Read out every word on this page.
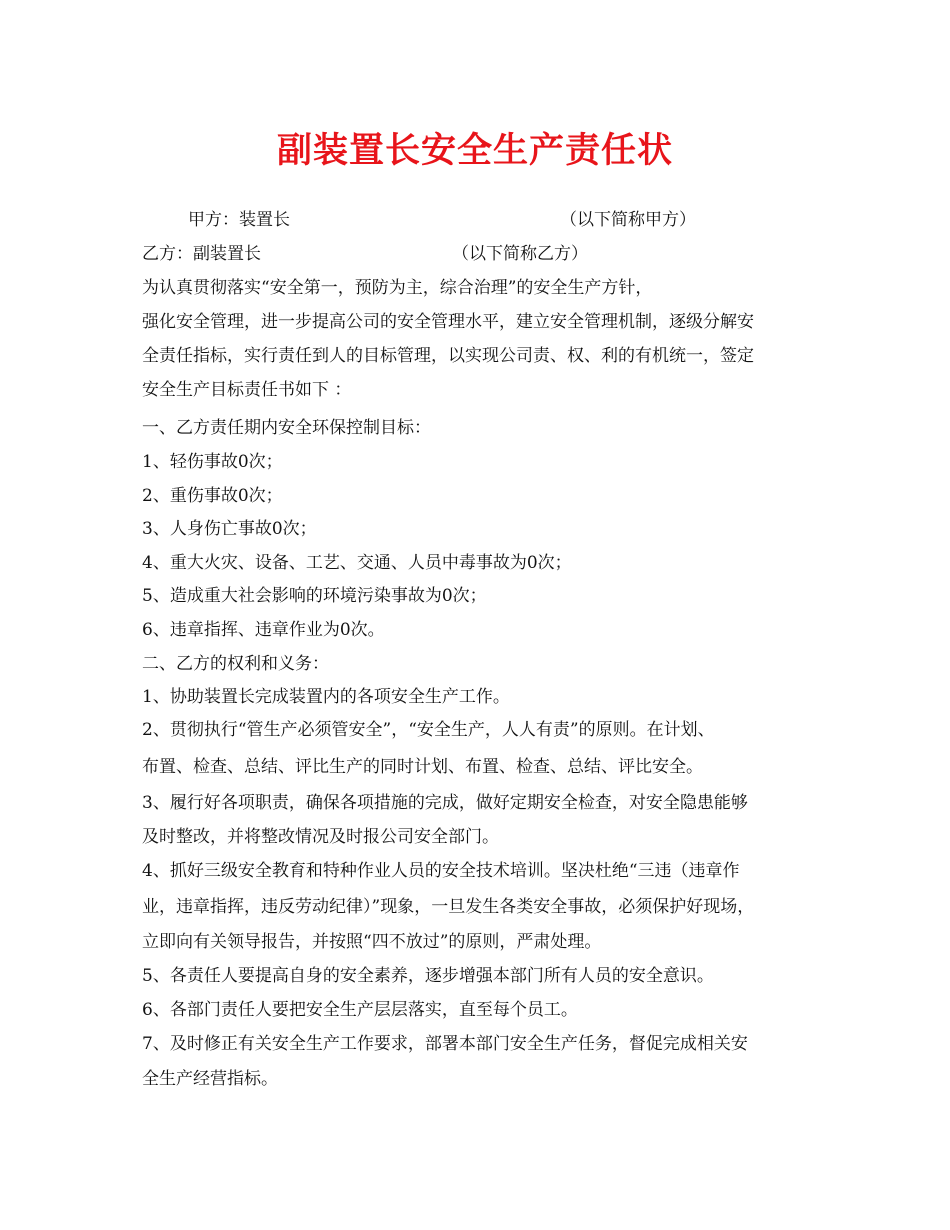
副装置长安全生产责任状
甲方：装置长	（以下简称甲方）
乙方：副装置长	（以下简称乙方）
为认真贯彻落实“安全第一，预防为主，综合治理”的安全生产方针，
强化安全管理，进一步提高公司的安全管理水平，建立安全管理机制，逐级分解安
全责任指标，实行责任到人的目标管理，以实现公司责、权、利的有机统一，签定
安全生产目标责任书如下 ：
一、乙方责任期内安全环保控制目标：
1、轻伤事故0次；
2、重伤事故0次；
3、人身伤亡事故0次；
4、重大火灾、设备、工艺、交通、人员中毒事故为0次；
5、造成重大社会影响的环境污染事故为0次；
6、违章指挥、违章作业为0次。
二、乙方的权利和义务：
1、协助装置长完成装置内的各项安全生产工作。
2、贯彻执行“管生产必须管安全”，“安全生产，人人有责”的原则。在计划、
布置、检查、总结、评比生产的同时计划、布置、检查、总结、评比安全。
3、履行好各项职责，确保各项措施的完成，做好定期安全检查，对安全隐患能够
及时整改，并将整改情况及时报公司安全部门。
4、抓好三级安全教育和特种作业人员的安全技术培训。坚决杜绝“三违（违章作
业，违章指挥，违反劳动纪律）”现象，一旦发生各类安全事故，必须保护好现场，
立即向有关领导报告，并按照“四不放过”的原则，严肃处理。
5、各责任人要提高自身的安全素养，逐步增强本部门所有人员的安全意识。
6、各部门责任人要把安全生产层层落实，直至每个员工。
7、及时修正有关安全生产工作要求，部署本部门安全生产任务，督促完成相关安
全生产经营指标。
